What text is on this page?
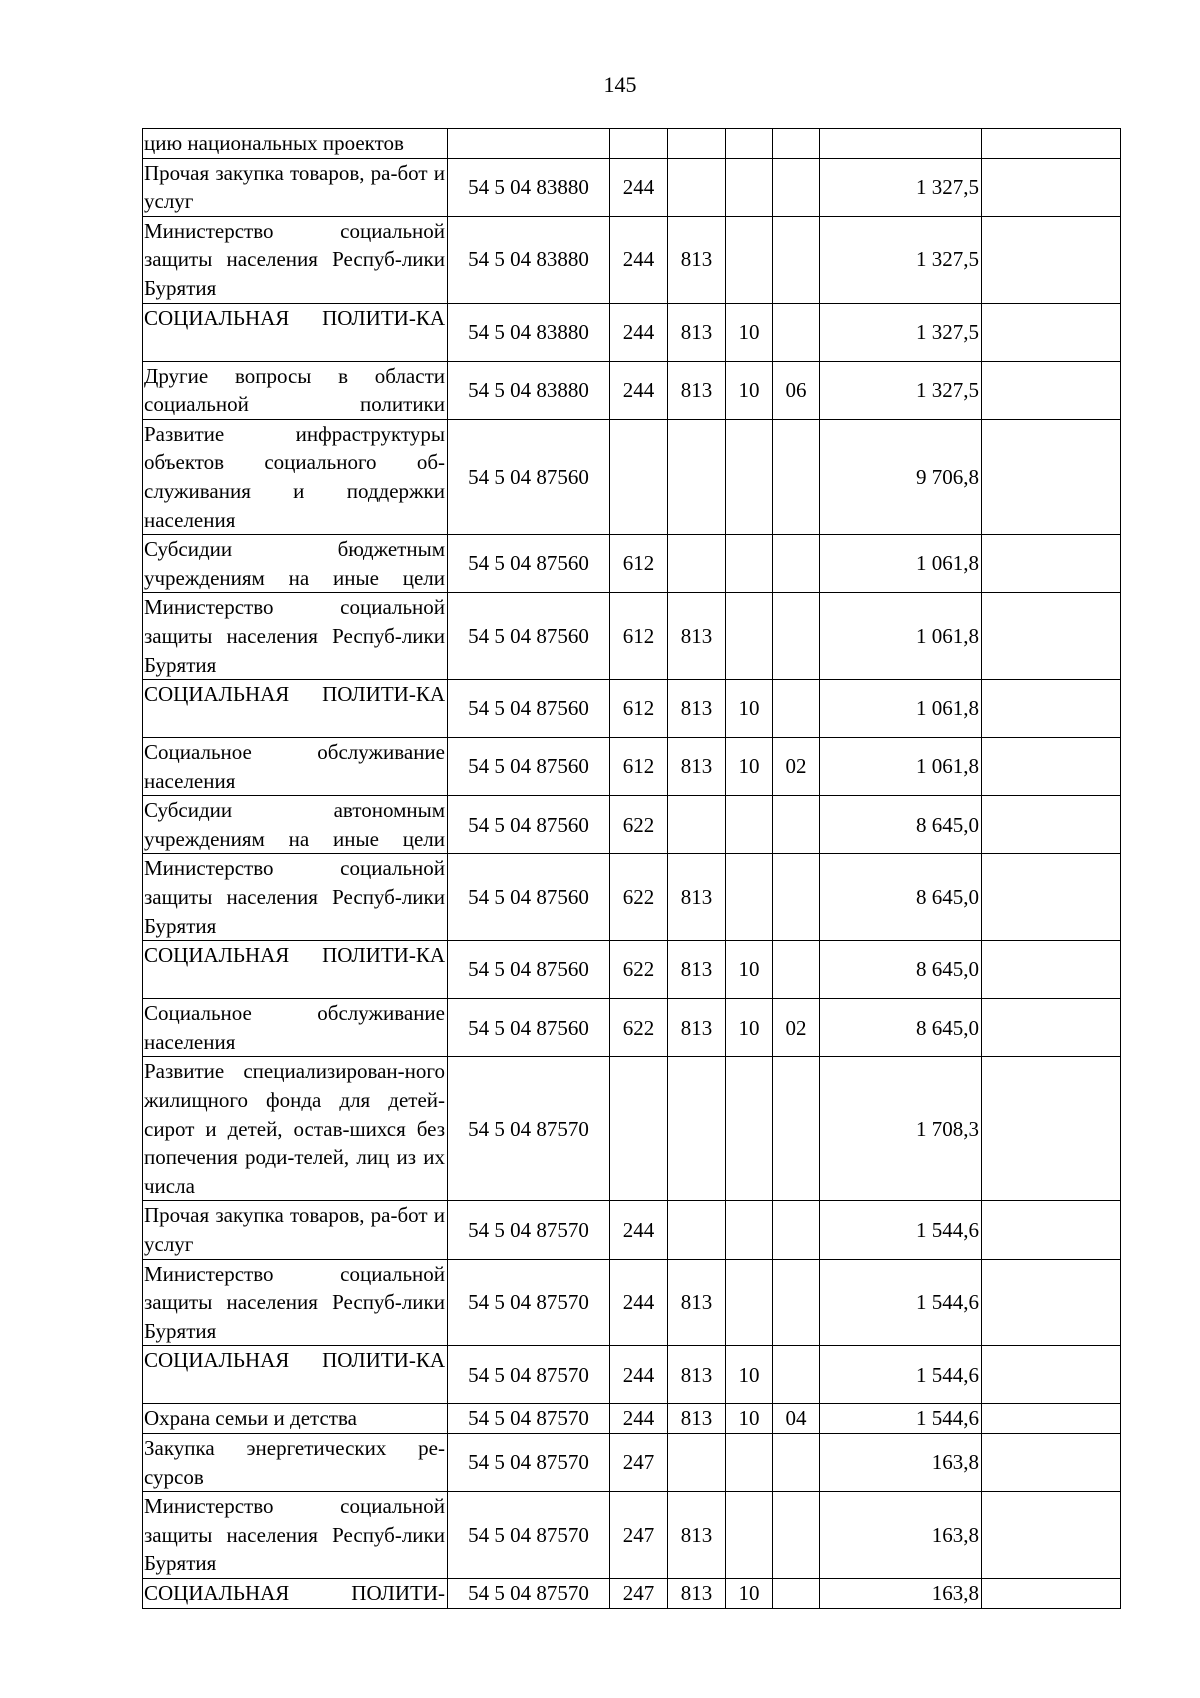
145
цию национальных проектов							
Прочая закупка товаров, ра-бот и услуг	54 5 04 83880	244				1 327,5	
Министерство социальной защиты населения Респуб-лики Бурятия	54 5 04 83880	244	813			1 327,5	
СОЦИАЛЬНАЯ ПОЛИТИ-КА	54 5 04 83880	244	813	10		1 327,5	
Другие вопросы в области социальной политики	54 5 04 83880	244	813	10	06	1 327,5	
Развитие инфраструктуры объектов социального об-служивания и поддержки населения	54 5 04 87560					9 706,8	
Субсидии бюджетным учреждениям на иные цели	54 5 04 87560	612				1 061,8	
Министерство социальной защиты населения Респуб-лики Бурятия	54 5 04 87560	612	813			1 061,8	
СОЦИАЛЬНАЯ ПОЛИТИ-КА	54 5 04 87560	612	813	10		1 061,8	
Социальное обслуживание населения	54 5 04 87560	612	813	10	02	1 061,8	
Субсидии автономным учреждениям на иные цели	54 5 04 87560	622				8 645,0	
Министерство социальной защиты населения Респуб-лики Бурятия	54 5 04 87560	622	813			8 645,0	
СОЦИАЛЬНАЯ ПОЛИТИ-КА	54 5 04 87560	622	813	10		8 645,0	
Социальное обслуживание населения	54 5 04 87560	622	813	10	02	8 645,0	
Развитие специализирован-ного жилищного фонда для детей-сирот и детей, остав-шихся без попечения роди-телей, лиц из их числа	54 5 04 87570					1 708,3	
Прочая закупка товаров, ра-бот и услуг	54 5 04 87570	244				1 544,6	
Министерство социальной защиты населения Респуб-лики Бурятия	54 5 04 87570	244	813			1 544,6	
СОЦИАЛЬНАЯ ПОЛИТИ-КА	54 5 04 87570	244	813	10		1 544,6	
Охрана семьи и детства	54 5 04 87570	244	813	10	04	1 544,6	
Закупка энергетических ре-сурсов	54 5 04 87570	247				163,8	
Министерство социальной защиты населения Респуб-лики Бурятия	54 5 04 87570	247	813			163,8	
СОЦИАЛЬНАЯ ПОЛИТИ-	54 5 04 87570	247	813	10		163,8	
